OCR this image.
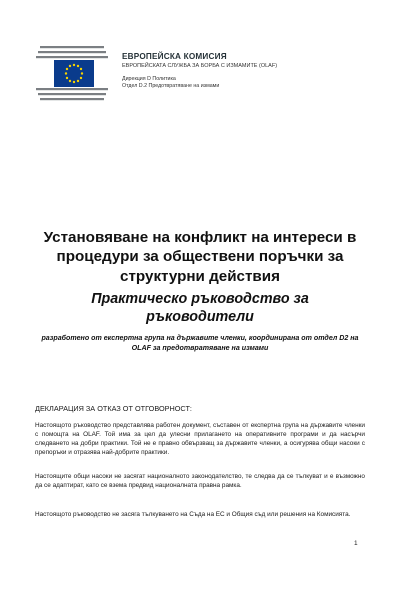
ЕВРОПЕЙСКА КОМИСИЯ
ЕВРОПЕЙСКАТА СЛУЖБА ЗА БОРБА С ИЗМАМИТЕ (OLAF)
Дирекция D Политика
Отдел D.2 Предотвратяване на измами
Установяване на конфликт на интереси в процедури за обществени поръчки за структурни действия
Практическо ръководство за ръководители
разработено от експертна група на държавите членки, координирана от отдел D2 на OLAF за предотвратяване на измами
ДЕКЛАРАЦИЯ ЗА ОТКАЗ ОТ ОТГОВОРНОСТ:
Настоящото ръководство представлява работен документ, съставен от експертна група на държавите членки с помощта на OLAF. Той има за цел да улесни прилагането на оперативните програми и да насърчи следването на добри практики. Той не е правно обвързващ за държавите членки, а осигурява общи насоки с препоръки и отразява най-добрите практики.
Настоящите общи насоки не засягат националното законодателство, те следва да се тълкуват и е възможно да се адаптират, като се взема предвид националната правна рамка.
Настоящото ръководство не засяга тълкуването на Съда на ЕС и Общия съд или решения на Комисията.
1
